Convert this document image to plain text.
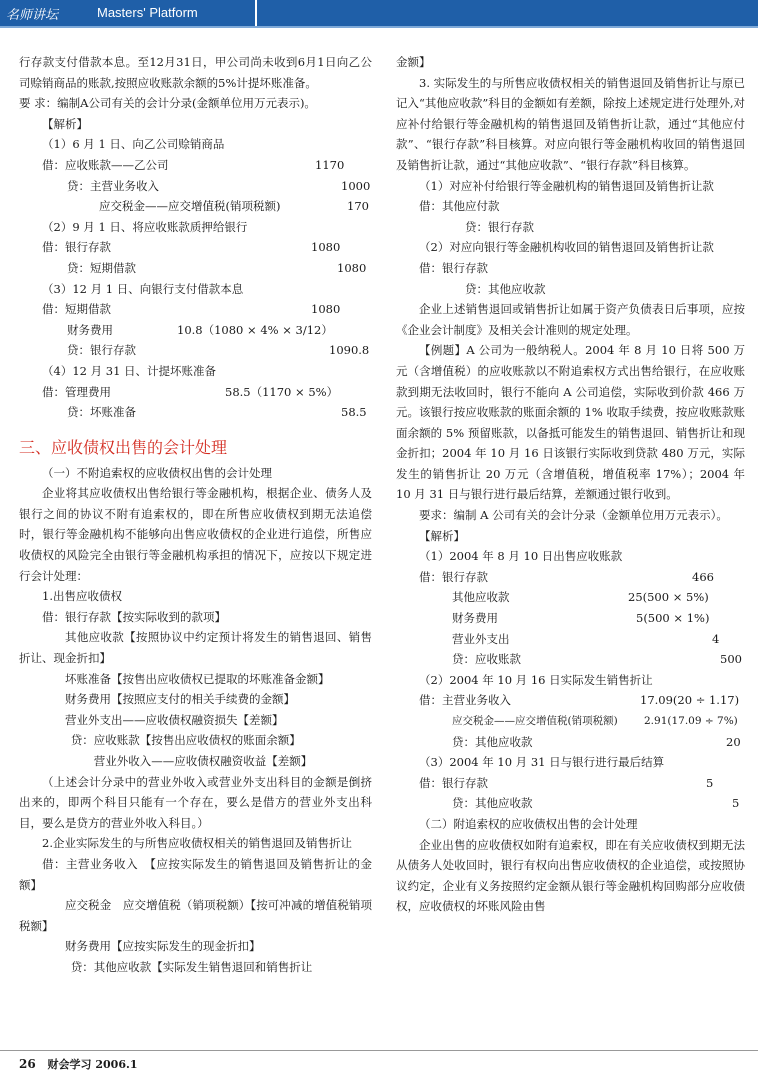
名师讲坛	Masters' Platform

行存款支付借款本息。至12月31日，甲公司尚未收到6月1日向乙公司赊销商品的账款,按照应收账款余额的5%计提坏账准备。

要 求：编制A公司有关的会计分录(金额单位用万元表示)。

【解析】

（1）6 月 1 日、向乙公司赊销商品

借：应收账款——乙公司	1170
贷：主营业务收入	1000
应交税金——应交增值税(销项税额)	170

（2）9 月 1 日、将应收账款质押给银行

借：银行存款	1080
贷：短期借款	1080

（3）12 月 1 日、向银行支付借款本息

借：短期借款	1080
财务费用	10.8（1080 × 4% × 3/12）
贷：银行存款	1090.8

（4）12 月 31 日、计提坏账准备

借：管理费用	58.5（1170 × 5%）
贷：坏账准备	58.5
三、应收债权出售的会计处理

（一）不附追索权的应收债权出售的会计处理

企业将其应收债权出售给银行等金融机构，根据企业、债务人及银行之间的协议不附有追索权的，即在所售应收债权到期无法追偿时，银行等金融机构不能够向出售应收债权的企业进行追偿，所售应收债权的风险完全由银行等金融机构承担的情况下，应按以下规定进行会计处理：

1.出售应收债权

借：银行存款【按实际收到的款项】

其他应收款【按照协议中约定预计将发生的销售退回、销售折让、现金折扣】

坏账准备【按售出应收债权已提取的坏账准备金额】

财务费用【按照应支付的相关手续费的金额】

营业外支出——应收债权融资损失【差额】

贷：应收账款【按售出应收债权的账面余额】

营业外收入——应收债权融资收益【差额】

（上述会计分录中的营业外收入或营业外支出科目的金额是倒挤出来的，即两个科目只能有一个存在，要么是借方的营业外支出科目，要么是贷方的营业外收入科目。）

2.企业实际发生的与所售应收债权相关的销售退回及销售折让

借：主营业务收入　【应按实际发生的销售退回及销售折让的金额】

应交税金　应交增值税（销项税额）【按可冲减的增值税销项税额】

财务费用【应按实际发生的现金折扣】

贷：其他应收款【实际发生销售退回和销售折让

金额】

3. 实际发生的与所售应收债权相关的销售退回及销售折让与原已记入“其他应收款”科目的金额如有差额，除按上述规定进行处理外,对应补付给银行等金融机构的销售退回及销售折让款，通过“其他应付款”、“银行存款”科目核算。对应向银行等金融机构收回的销售退回及销售折让款，通过“其他应收款”、“银行存款”科目核算。

（1）对应补付给银行等金融机构的销售退回及销售折让款

借：其他应付款

贷：银行存款

（2）对应向银行等金融机构收回的销售退回及销售折让款

借：银行存款

贷：其他应收款

企业上述销售退回或销售折让如属于资产负债表日后事项，应按《企业会计制度》及相关会计准则的规定处理。

【例题】A 公司为一般纳税人。2004 年 8 月 10 日将 500 万元（含增值税）的应收账款以不附追索权方式出售给银行，在应收账款到期无法收回时，银行不能向 A 公司追偿，实际收到价款 466 万元。该银行按应收账款的账面余额的 1% 收取手续费，按应收账款账面余额的 5% 预留账款，以备抵可能发生的销售退回、销售折让和现金折扣；2004 年 10 月 16 日该银行实际收到贷款 480 万元，实际发生的销售折让 20 万元（含增值税，增值税率 17%）；2004 年 10 月 31 日与银行进行最后结算，差额通过银行收到。

要求：编制 A 公司有关的会计分录（金额单位用万元表示）。

【解析】

（1）2004 年 8 月 10 日出售应收账款

借：银行存款	466
其他应收款	25(500 × 5%)
财务费用	5(500 × 1%)
营业外支出	4
贷：应收账款	500

（2）2004 年 10 月 16 日实际发生销售折让

借：主营业务收入	17.09(20 ÷ 1.17)
应交税金——应交增值税(销项税额)	2.91(17.09 ÷ 7%)
贷：其他应收款	20

（3）2004 年 10 月 31 日与银行进行最后结算

借：银行存款	5
贷：其他应收款	5

（二）附追索权的应收债权出售的会计处理

企业出售的应收债权如附有追索权，即在有关应收债权到期无法从债务人处收回时，银行有权向出售应收债权的企业追偿，或按照协议约定，企业有义务按照约定金额从银行等金融机构回购部分应收债权，应收债权的坏账风险由售

26 财会学习 2006.1
